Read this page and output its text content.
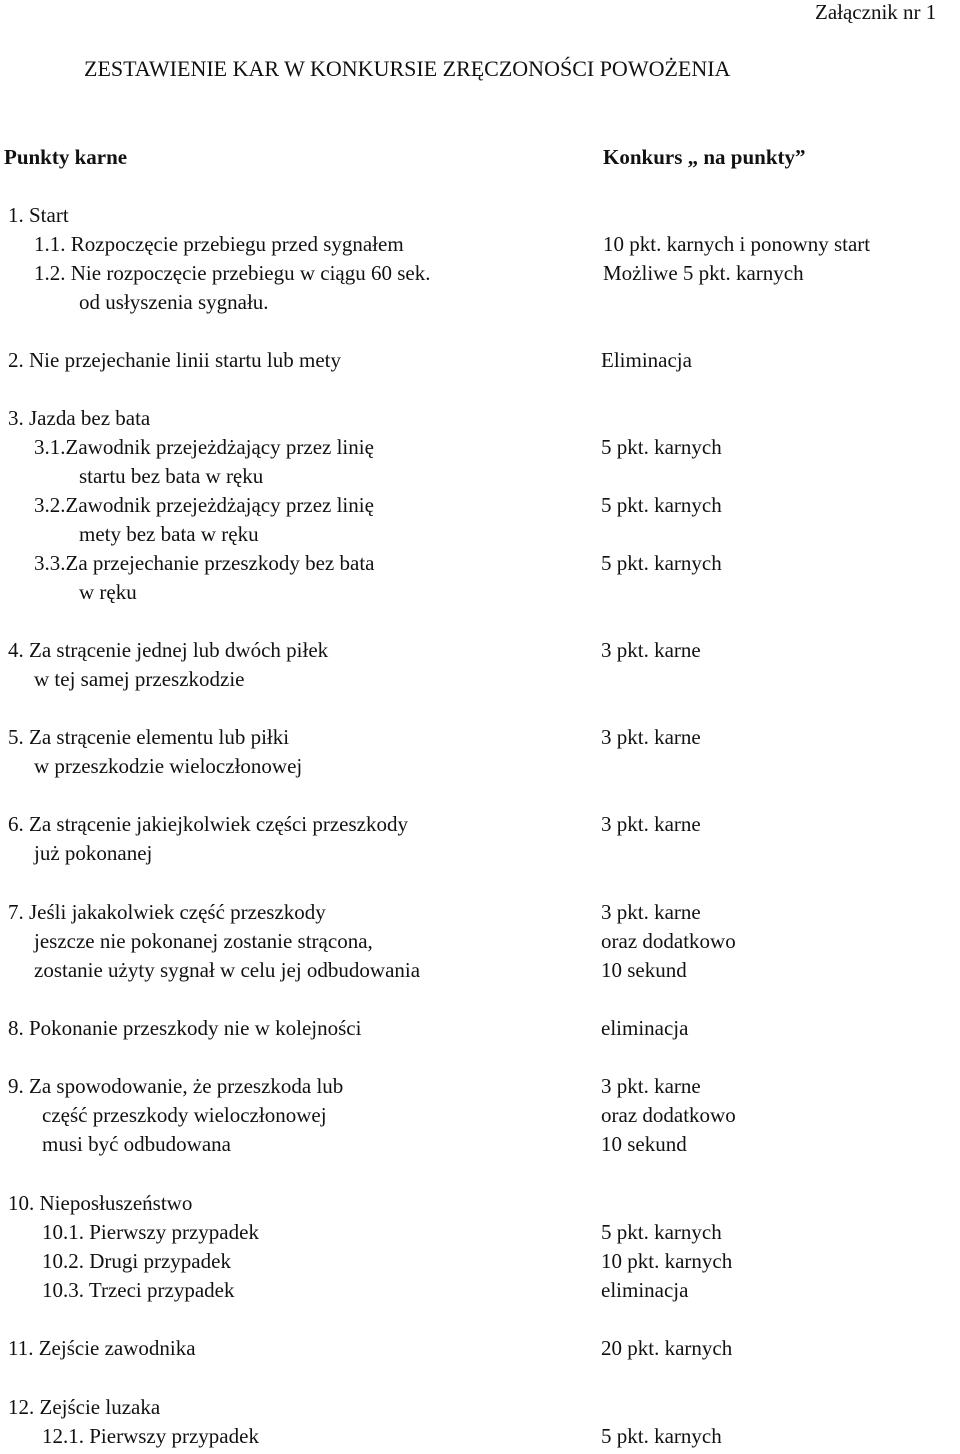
Załącznik nr 1
ZESTAWIENIE KAR W KONKURSIE ZRĘCZONOŚCI POWOŻENIA
Punkty karne	Konkurs „ na punkty”
1. Start
1.1. Rozpoczęcie przebiegu przed sygnałem
1.2. Nie rozpoczęcie przebiegu w ciągu 60 sek.
od usłyszenia sygnału.
2. Nie przejechanie linii startu lub mety
3. Jazda bez bata
3.1.Zawodnik przejeżdżający przez linię
startu bez bata w ręku
3.2.Zawodnik przejeżdżający przez linię
mety bez bata w ręku
3.3.Za przejechanie przeszkody bez bata
w ręku
4. Za strącenie jednej lub dwóch piłek
w tej samej przeszkodzie
5. Za strącenie elementu lub piłki
w przeszkodzie wieloczłonowej
6. Za strącenie jakiejkolwiek części przeszkody
już pokonanej
7. Jeśli jakakolwiek część przeszkody
jeszcze nie pokonanej zostanie strącona,
zostanie użyty sygnał w celu jej odbudowania
8. Pokonanie przeszkody nie w kolejności
9. Za spowodowanie, że przeszkoda lub
część przeszkody wieloczłonowej
musi być odbudowana
10. Nieposłuszeństwo
10.1. Pierwszy przypadek
10.2. Drugi przypadek
10.3. Trzeci przypadek
11. Zejście zawodnika
12. Zejście luzaka
12.1. Pierwszy przypadek
10 pkt. karnych i ponowny start
Możliwe 5 pkt. karnych
Eliminacja
5 pkt. karnych
5 pkt. karnych
5 pkt. karnych
3 pkt. karne
3 pkt. karne
3 pkt. karne
3 pkt. karne
oraz dodatkowo
10 sekund
eliminacja
3 pkt. karne
oraz dodatkowo
10 sekund
5 pkt. karnych
10 pkt. karnych
eliminacja
20 pkt. karnych
5 pkt. karnych
